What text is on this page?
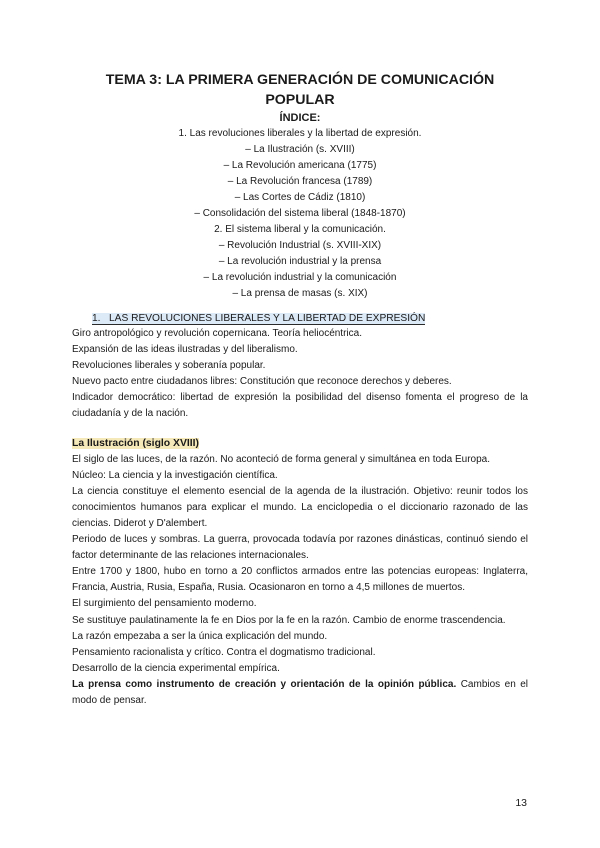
TEMA 3: LA PRIMERA GENERACIÓN DE COMUNICACIÓN
POPULAR
ÍNDICE:
1. Las revoluciones liberales y la libertad de expresión.
– La Ilustración (s. XVIII)
– La Revolución americana (1775)
– La Revolución francesa (1789)
– Las Cortes de Cádiz (1810)
– Consolidación del sistema liberal (1848-1870)
2. El sistema liberal y la comunicación.
– Revolución Industrial (s. XVIII-XIX)
– La revolución industrial y la prensa
– La revolución industrial y la comunicación
– La prensa de masas (s. XIX)
1. LAS REVOLUCIONES LIBERALES Y LA LIBERTAD DE EXPRESIÓN

Giro antropológico y revolución copernicana. Teoría heliocéntrica.

Expansión de las ideas ilustradas y del liberalismo.

Revoluciones liberales y soberanía popular.

Nuevo pacto entre ciudadanos libres: Constitución que reconoce derechos y deberes.

Indicador democrático: libertad de expresión la posibilidad del disenso fomenta el progreso de la ciudadanía y de la nación.

La Ilustración (siglo XVIII)

El siglo de las luces, de la razón. No aconteció de forma general y simultánea en toda Europa.

Núcleo: La ciencia y la investigación científica.

La ciencia constituye el elemento esencial de la agenda de la ilustración. Objetivo: reunir todos los conocimientos humanos para explicar el mundo. La enciclopedia o el diccionario razonado de las ciencias. Diderot y D'alembert.

Periodo de luces y sombras. La guerra, provocada todavía por razones dinásticas, continuó siendo el factor determinante de las relaciones internacionales.

Entre 1700 y 1800, hubo en torno a 20 conflictos armados entre las potencias europeas: Inglaterra, Francia, Austria, Rusia, España, Rusia. Ocasionaron en torno a 4,5 millones de muertos.

El surgimiento del pensamiento moderno.

Se sustituye paulatinamente la fe en Dios por la fe en la razón. Cambio de enorme trascendencia.

La razón empezaba a ser la única explicación del mundo.

Pensamiento racionalista y crítico. Contra el dogmatismo tradicional.

Desarrollo de la ciencia experimental empírica.

La prensa como instrumento de creación y orientación de la opinión pública. Cambios en el modo de pensar.

13
